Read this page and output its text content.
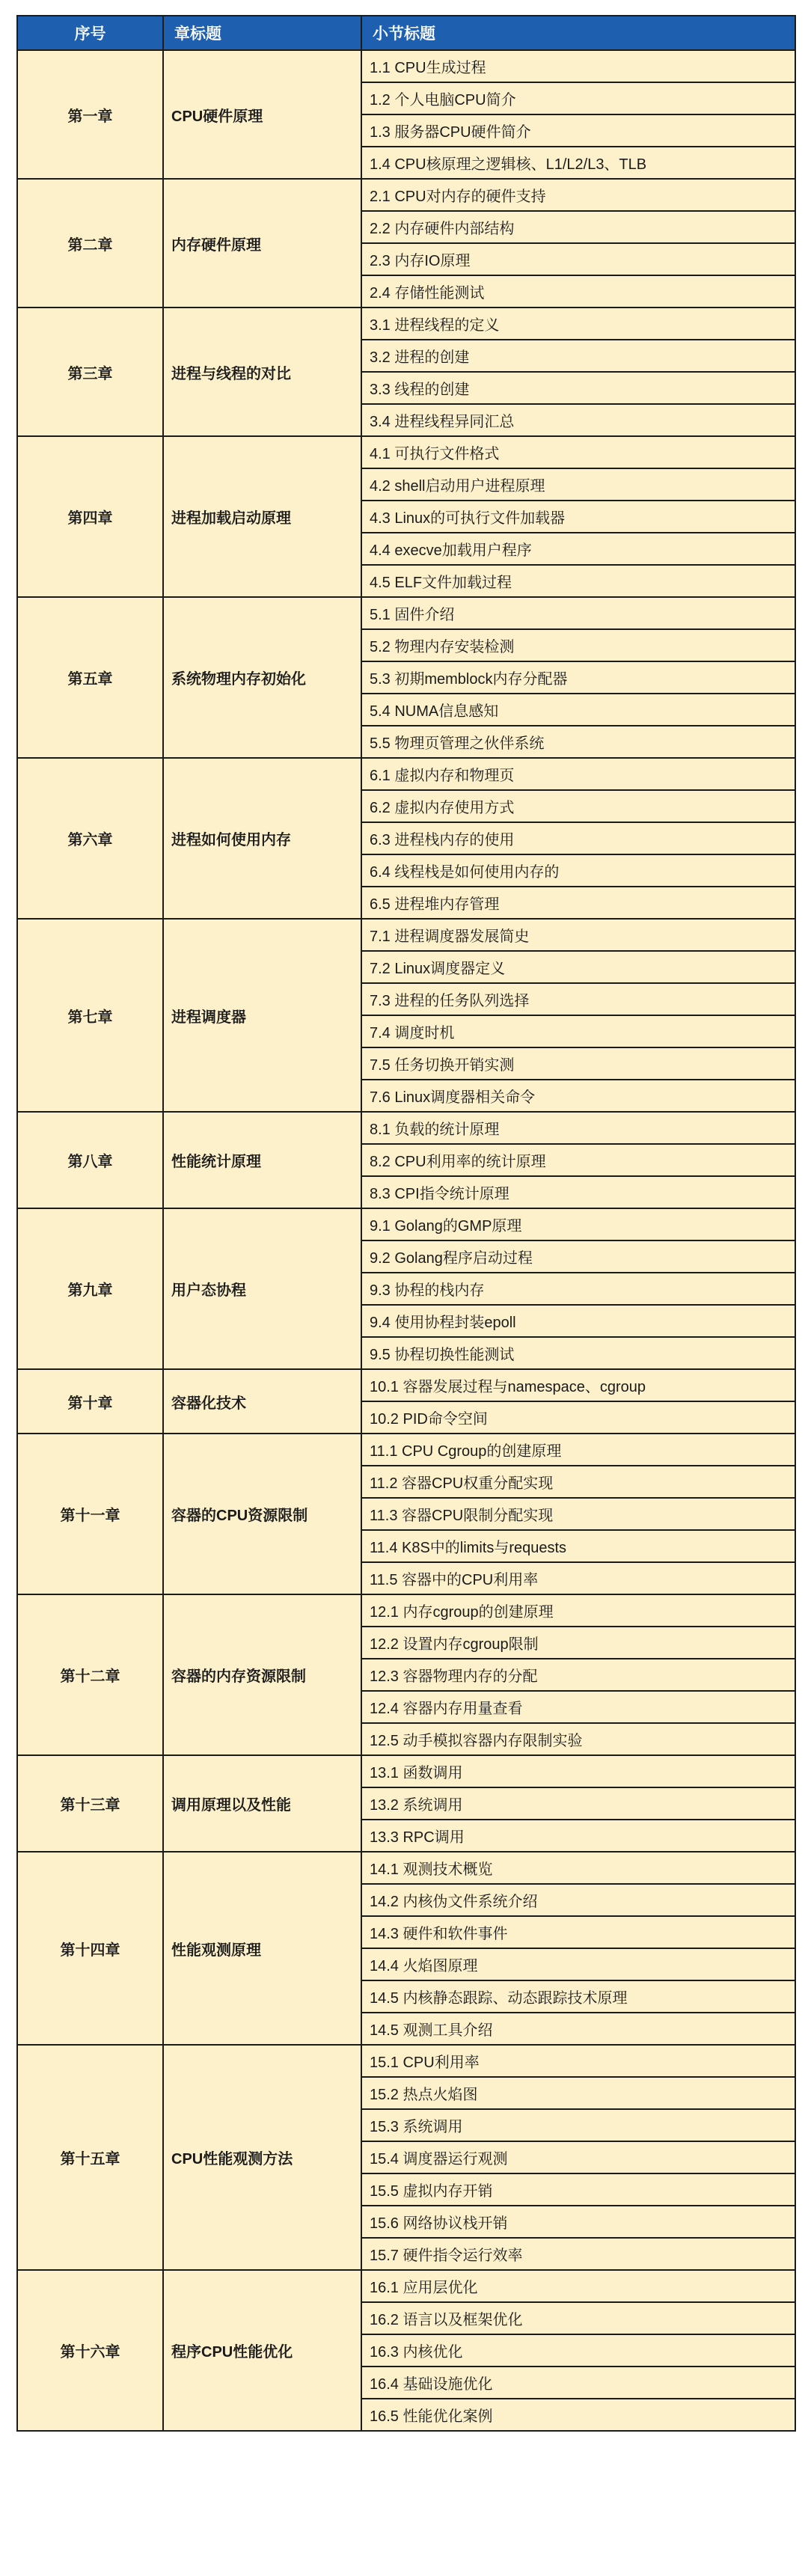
序号	章标题	小节标题
第一章	CPU硬件原理	1.1 CPU生成过程
		1.2 个人电脑CPU简介
		1.3 服务器CPU硬件简介
		1.4 CPU核原理之逻辑核、L1/L2/L3、TLB
第二章	内存硬件原理	2.1 CPU对内存的硬件支持
		2.2 内存硬件内部结构
		2.3 内存IO原理
		2.4 存储性能测试
第三章	进程与线程的对比	3.1 进程线程的定义
		3.2 进程的创建
		3.3 线程的创建
		3.4 进程线程异同汇总
第四章	进程加载启动原理	4.1 可执行文件格式
		4.2 shell启动用户进程原理
		4.3 Linux的可执行文件加载器
		4.4 execve加载用户程序
		4.5 ELF文件加载过程
第五章	系统物理内存初始化	5.1 固件介绍
		5.2 物理内存安装检测
		5.3 初期memblock内存分配器
		5.4 NUMA信息感知
		5.5 物理页管理之伙伴系统
第六章	进程如何使用内存	6.1 虚拟内存和物理页
		6.2 虚拟内存使用方式
		6.3 进程栈内存的使用
		6.4 线程栈是如何使用内存的
		6.5 进程堆内存管理
第七章	进程调度器	7.1 进程调度器发展简史
		7.2 Linux调度器定义
		7.3 进程的任务队列选择
		7.4 调度时机
		7.5 任务切换开销实测
		7.6 Linux调度器相关命令
第八章	性能统计原理	8.1 负载的统计原理
		8.2 CPU利用率的统计原理
		8.3 CPI指令统计原理
第九章	用户态协程	9.1 Golang的GMP原理
		9.2 Golang程序启动过程
		9.3 协程的栈内存
		9.4 使用协程封装epoll
		9.5 协程切换性能测试
第十章	容器化技术	10.1 容器发展过程与namespace、cgroup
		10.2 PID命令空间
第十一章	容器的CPU资源限制	11.1 CPU Cgroup的创建原理
		11.2 容器CPU权重分配实现
		11.3 容器CPU限制分配实现
		11.4 K8S中的limits与requests
		11.5 容器中的CPU利用率
第十二章	容器的内存资源限制	12.1 内存cgroup的创建原理
		12.2 设置内存cgroup限制
		12.3 容器物理内存的分配
		12.4 容器内存用量查看
		12.5 动手模拟容器内存限制实验
第十三章	调用原理以及性能	13.1 函数调用
		13.2 系统调用
		13.3 RPC调用
第十四章	性能观测原理	14.1 观测技术概览
		14.2 内核伪文件系统介绍
		14.3 硬件和软件事件
		14.4 火焰图原理
		14.5 内核静态跟踪、动态跟踪技术原理
		14.5 观测工具介绍
第十五章	CPU性能观测方法	15.1 CPU利用率
		15.2 热点火焰图
		15.3 系统调用
		15.4 调度器运行观测
		15.5 虚拟内存开销
		15.6 网络协议栈开销
		15.7 硬件指令运行效率
第十六章	程序CPU性能优化	16.1 应用层优化
		16.2 语言以及框架优化
		16.3 内核优化
		16.4 基础设施优化
		16.5 性能优化案例
